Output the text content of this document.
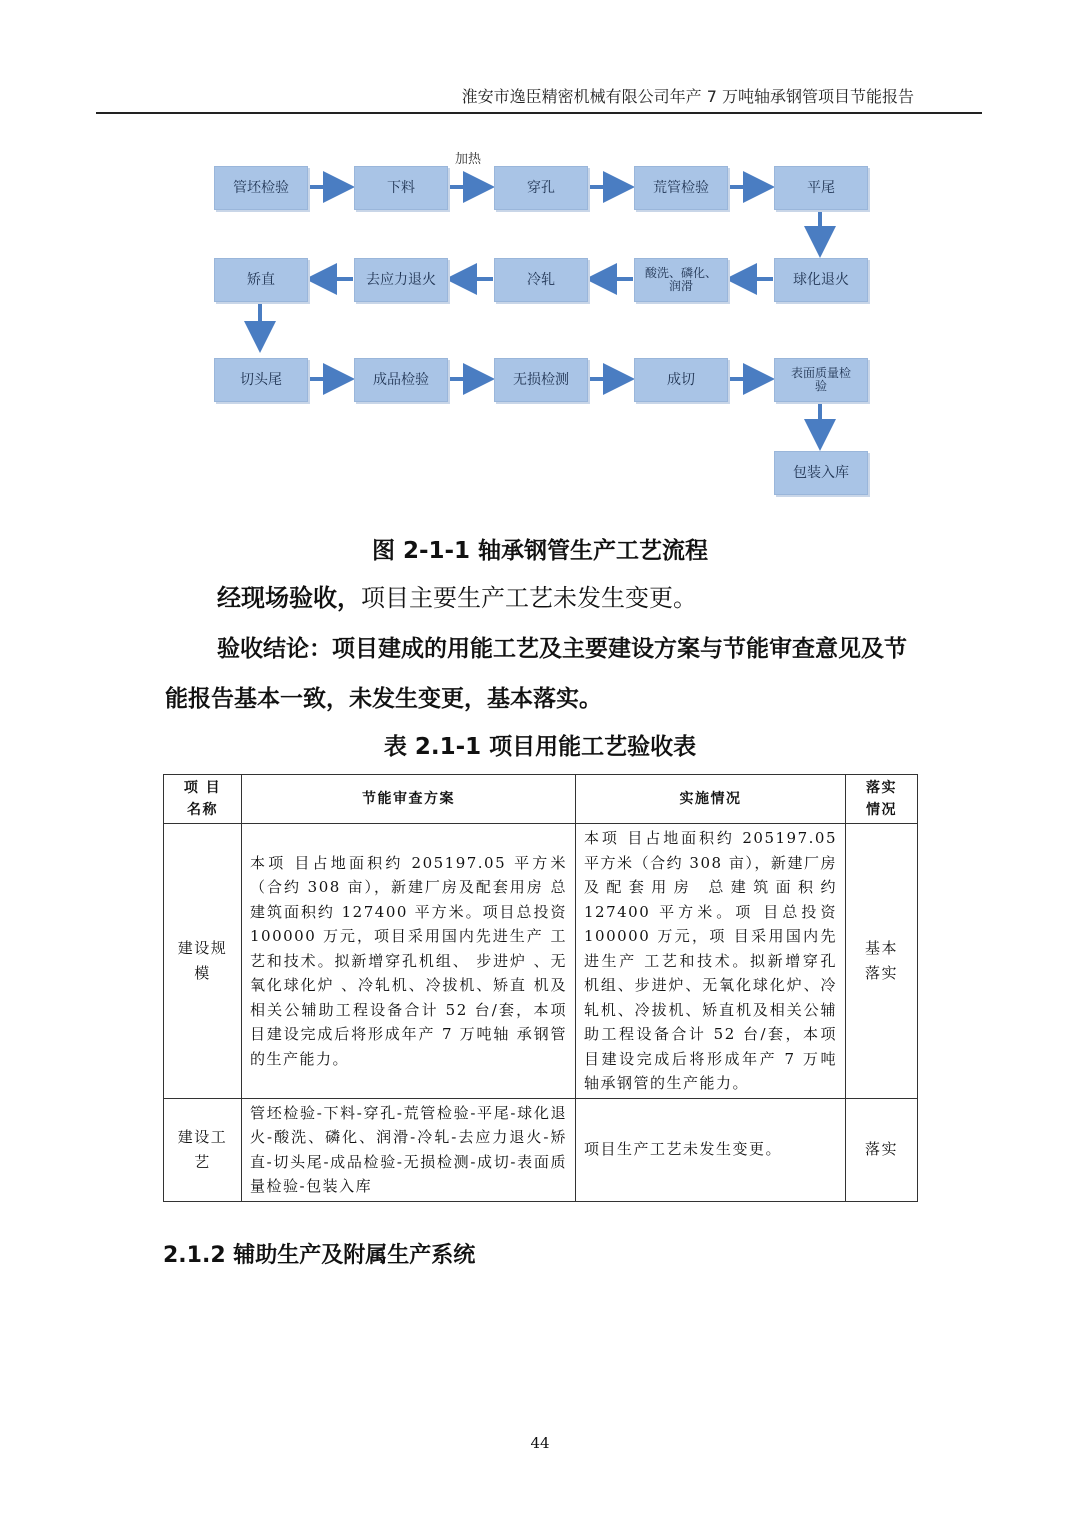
淮安市逸臣精密机械有限公司年产 7 万吨轴承钢管项目节能报告
加热
管坯检验	下料	穿孔	荒管检验	平尾
矫直	去应力退火	冷轧	酸洗、磷化、
润滑	球化退火
切头尾	成品检验	无损检测	成切	表面质量检
验
包装入库
图 2-1-1 轴承钢管生产工艺流程
经现场验收，项目主要生产工艺未发生变更。
验收结论：项目建成的用能工艺及主要建设方案与节能审查意见及节能报告基本一致，未发生变更，基本落实。
表 2.1-1 项目用能工艺验收表
项 目
名称	节能审查方案	实施情况	落实
情况
建设规模	本项 目占地面积约 205197.05 平方米（合约 308 亩），新建厂房及配套用房 总建筑面积约 127400 平方米。项目总投资 100000 万元，项目采用国内先进生产 工艺和技术。拟新增穿孔机组、 步进炉 、无氧化球化炉 、冷轧机、冷拔机、矫直 机及相关公辅助工程设备合计 52 台/套，本项目建设完成后将形成年产 7 万吨轴 承钢管的生产能力。	本项 目占地面积约 205197.05 平方米（合约 308 亩），新建厂房及配套用房 总建筑面积约 127400 平方米。项 目总投资 100000 万元，项 目采用国内先进生产 工艺和技术。拟新增穿孔机组、步进炉、无氧化球化炉、冷轧机、冷拔机、矫直机及相关公辅助工程设备合计 52 台/套，本项目建设完成后将形成年产 7 万吨轴承钢管的生产能力。	基本
落实
建设工艺	管坯检验-下料-穿孔-荒管检验-平尾-球化退火-酸洗、磷化、润滑-冷轧-去应力退火-矫直-切头尾-成品检验-无损检测-成切-表面质量检验-包装入库	项目生产工艺未发生变更。	落实
2.1.2 辅助生产及附属生产系统
44
